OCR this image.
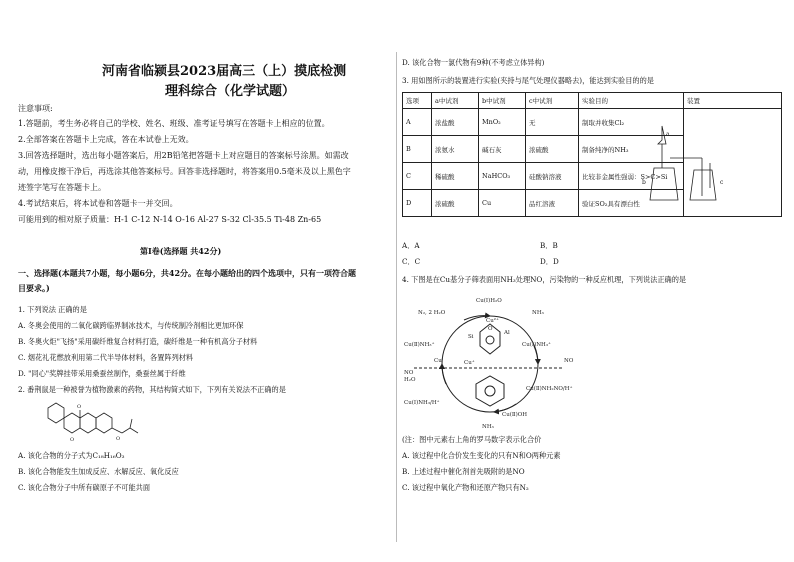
河南省临颍县2023届高三（上）摸底检测
理科综合（化学试题）
注意事项:
1.答题前，考生务必将自己的学校、姓名、班级、准考证号填写在答题卡上相应的位置。
2.全部答案在答题卡上完成，答在本试卷上无效。
3.回答选择题时，选出每小题答案后，用2B铅笔把答题卡上对应题目的答案标号涂黑。如需改
动，用橡皮擦干净后，再选涂其他答案标号。回答非选择题时，将答案用0.5毫米及以上黑色字
迹签字笔写在答题卡上。
4.考试结束后，将本试卷和答题卡一并交回。
可能用到的相对原子质量：H-1 C-12 N-14 O-16 Al-27 S-32 Cl-35.5 Ti-48 Zn-65
第Ⅰ卷(选择题 共42分)
一、选择题(本题共7小题，每小题6分，共42分。在每小题给出的四个选项中，只有一项符合题
目要求。)
1. 下列说法 正确的是
A. 冬奥会使用的二氧化碳跨临界制冰技术，与传统制冷剂相比更加环保
B. 冬奥火炬"飞扬"采用碳纤维复合材料打造，碳纤维是一种有机高分子材料
C. 烟花礼花燃放利用第二代半导体材料，各置阵列材料
D. "同心"奖牌挂带采用桑蚕丝制作，桑蚕丝属于纤维
2. 番荆鼠是一种被誉为植物激素的药物，其结构简式如下，下列有关说法不正确的是
O
O	O
A. 该化合物的分子式为C₁₈H₁₆O₃
B. 该化合物能发生加成反应、水解反应、氧化反应
C. 该化合物分子中所有碳原子不可能共面
D. 该化合物一氯代物有9种(不考虑立体异构)
3. 用如图所示的装置进行实验(夹持与尾气处理仪器略去)，能达到实验目的的是
选项	a中试剂	b中试剂	c中试剂	实验目的	装置
A	浓盐酸	MnO₂	无	制取并收集Cl₂	
B	浓氨水	碱石灰	浓硫酸	制备纯净的NH₃	
C	稀硫酸	NaHCO₃	硅酸钠溶液	比较非金属性强弱：S>C>Si	
D	浓硫酸	Cu	品红溶液	验证SO₂具有漂白性	
a
b	c
A．A	B．B
C．C	D．D
4. 下图是在Cu基分子筛表面用NH₃处理NO，污染物的一种反应机理，下列说法正确的是
N₂, 2 H₂O
Cu(I)H₂O
Cu²⁺
NH₃
Cu(Ⅱ)NH₃⁺	Cu(Ⅰ)NH₃⁺
NO
Cuᴵ	Cu⁺
NO
H₂O
Cu(Ⅱ)NH₂NO/H⁺
Cu(Ⅰ)NH₃/H⁺
Cu(Ⅱ)OH
NH₃
Si
Al
O
(注：图中元素右上角的罗马数字表示化合价
A. 该过程中化合价发生变化的只有N和O两种元素
B. 上述过程中催化剂首先吸附的是NO
C. 该过程中氧化产物和还原产物只有N₂
